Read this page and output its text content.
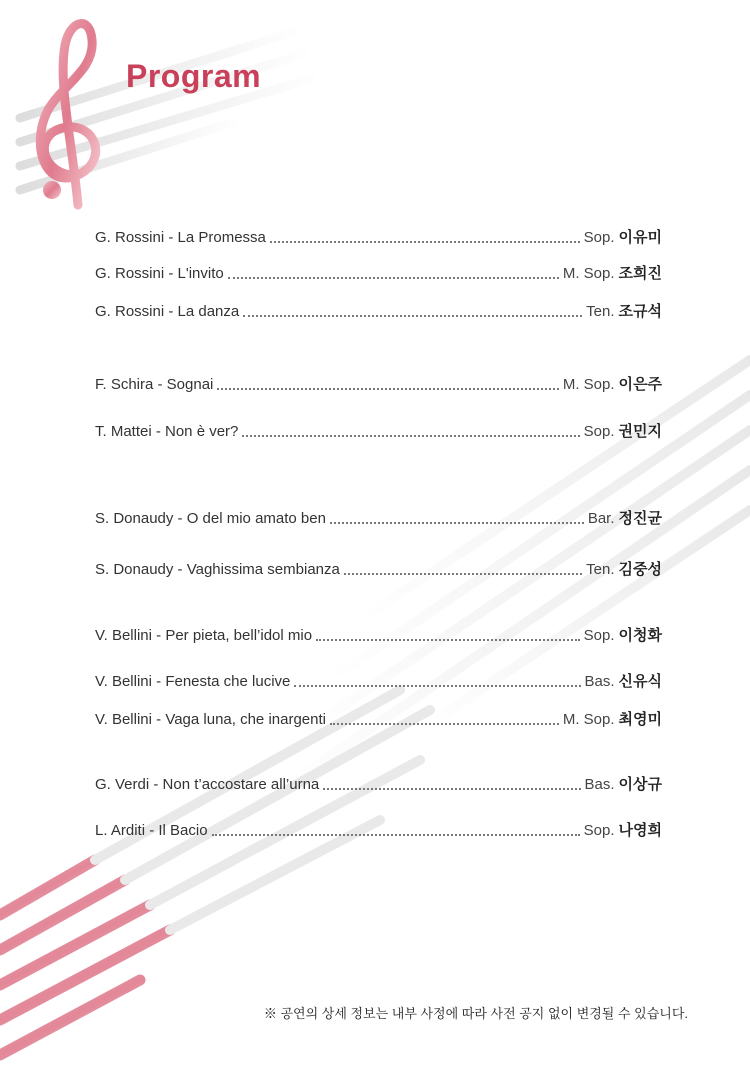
Program
G. Rossini - La Promessa	Sop. 이유미
G. Rossini - L'invito	M. Sop. 조희진
G. Rossini - La danza	Ten. 조규석
F. Schira - Sognai	M. Sop. 이은주
T. Mattei - Non è ver?	Sop. 권민지
S. Donaudy - O del mio amato ben	Bar. 정진균
S. Donaudy - Vaghissima sembianza	Ten. 김중성
V. Bellini - Per pieta, bell’idol mio	Sop. 이청화
V. Bellini - Fenesta che lucive	Bas. 신유식
V. Bellini - Vaga luna, che inargenti	M. Sop. 최영미
G. Verdi - Non t’accostare all’urna	Bas. 이상규
L. Arditi - Il Bacio	Sop. 나영희
※ 공연의 상세 정보는 내부 사정에 따라 사전 공지 없이 변경될 수 있습니다.
